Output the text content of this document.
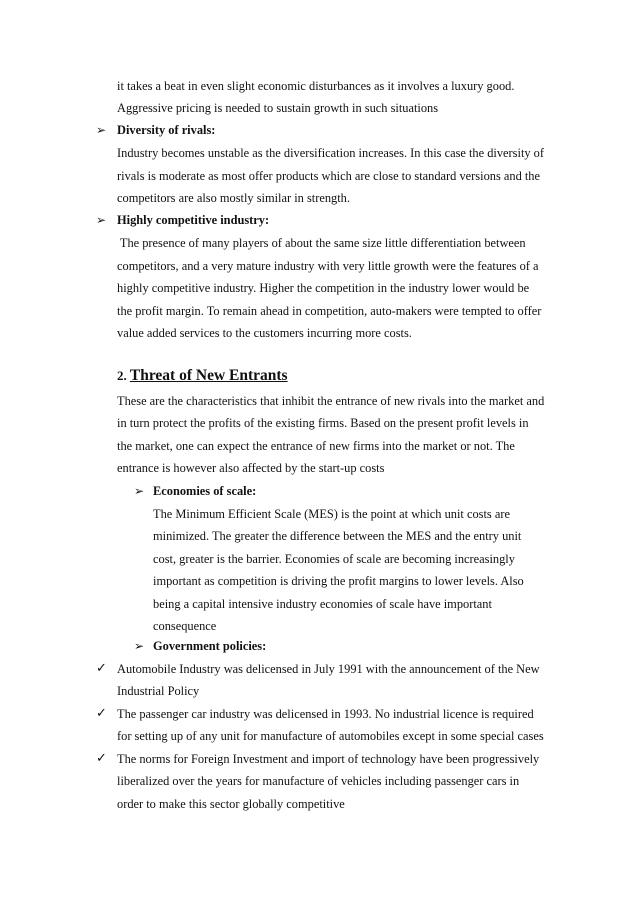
it takes a beat in even slight economic disturbances as it involves a luxury good.
Aggressive pricing is needed to sustain growth in such situations
➢ Diversity of rivals:
Industry becomes unstable as the diversification increases. In this case the diversity of
rivals is moderate as most offer products which are close to standard versions and the
competitors are also mostly similar in strength.
➢ Highly competitive industry:
The presence of many players of about the same size little differentiation between
competitors, and a very mature industry with very little growth were the features of a
highly competitive industry. Higher the competition in the industry lower would be
the profit margin. To remain ahead in competition, auto-makers were tempted to offer
value added services to the customers incurring more costs.
2. Threat of New Entrants
These are the characteristics that inhibit the entrance of new rivals into the market and
in turn protect the profits of the existing firms. Based on the present profit levels in
the market, one can expect the entrance of new firms into the market or not. The
entrance is however also affected by the start-up costs
➢ Economies of scale:
The Minimum Efficient Scale (MES) is the point at which unit costs are
minimized. The greater the difference between the MES and the entry unit
cost, greater is the barrier. Economies of scale are becoming increasingly
important as competition is driving the profit margins to lower levels. Also
being a capital intensive industry economies of scale have important
consequence
➢ Government policies:
✓ Automobile Industry was delicensed in July 1991 with the announcement of the New
Industrial Policy
✓ The passenger car industry was delicensed in 1993. No industrial licence is required
for setting up of any unit for manufacture of automobiles except in some special cases
✓ The norms for Foreign Investment and import of technology have been progressively
liberalized over the years for manufacture of vehicles including passenger cars in
order to make this sector globally competitive
